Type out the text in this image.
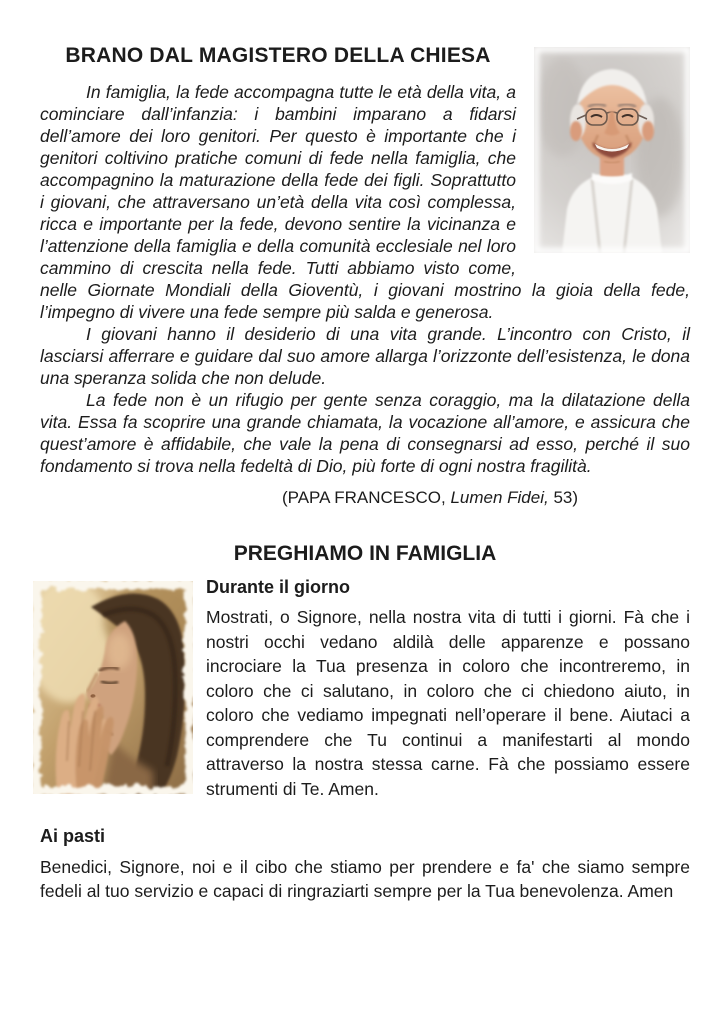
BRANO DAL MAGISTERO DELLA CHIESA

In famiglia, la fede accompagna tutte le età della vita, a cominciare dall’infanzia: i bambini imparano a fidarsi dell’amore dei loro genitori. Per questo è importante che i genitori coltivino pratiche comuni di fede nella famiglia, che accompagnino la maturazione della fede dei figli. Soprattutto i giovani, che attraversano un’età della vita così complessa, ricca e importante per la fede, devono sentire la vicinanza e l’attenzione della famiglia e della comunità ecclesiale nel loro cammino di crescita nella fede. Tutti abbiamo visto come, nelle Giornate Mondiali della Gioventù, i giovani mostrino la gioia della fede, l’impegno di vivere una fede sempre più salda e generosa.

I giovani hanno il desiderio di una vita grande. L’incontro con Cristo, il lasciarsi afferrare e guidare dal suo amore allarga l’orizzonte dell’esistenza, le dona una speranza solida che non delude.

La fede non è un rifugio per gente senza coraggio, ma la dilatazione della vita. Essa fa scoprire una grande chiamata, la vocazione all’amore, e assicura che quest’amore è affidabile, che vale la pena di consegnarsi ad esso, perché il suo fondamento si trova nella fedeltà di Dio, più forte di ogni nostra fragilità.

(PAPA FRANCESCO, Lumen Fidei, 53)

PREGHIAMO IN FAMIGLIA
Durante il giorno

Mostrati, o Signore, nella nostra vita di tutti i giorni. Fà che i nostri occhi vedano aldilà delle apparenze e possano incrociare la Tua presenza in coloro che incontreremo, in coloro che ci salutano, in coloro che ci chiedono aiuto, in coloro che vediamo impegnati nell’operare il bene. Aiutaci a comprendere che Tu continui a manifestarti al mondo attraverso la nostra stessa carne. Fà che possiamo essere strumenti di Te. Amen.

Ai pasti

Benedici, Signore, noi e il cibo che stiamo per prendere e fa' che siamo sempre fedeli al tuo servizio e capaci di ringraziarti sempre per la Tua benevolenza. Amen
